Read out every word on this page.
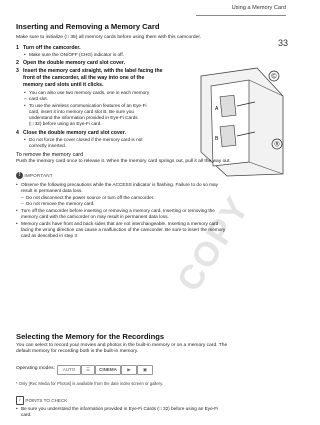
Using a Memory Card
33
COPY
Inserting and Removing a Memory Card

Make sure to initialize (□ 35) all memory cards before using them with this camcorder.

1 Turn off the camcorder.
• Make sure the ON/OFF (CHG) indicator is off.
2 Open the double memory card slot cover.
3 Insert the memory card straight, with the label facing the
front of the camcorder, all the way into one of the
memory card slots until it clicks.
• You can also use two memory cards, one in each memory
– card slot.
• To use the wireless communication features of an Eye-Fi
card, insert it into memory card slot B. Be sure you
understand the information provided in Eye-Fi Cards
(□ 32) before using an Eye-Fi card.
4 Close the double memory card slot cover.
• Do not force the cover closed if the memory card is not
correctly inserted.
©
®
A
B
To remove the memory card

Push the memory card once to release it. When the memory card springs out, pull it all the way out.

! IMPORTANT
• Observe the following precautions while the ACCESS indicator is flashing. Failure to do so may
result in permanent data loss.
– Do not disconnect the power source or turn off the camcorder.
– Do not remove the memory card.
• Turn off the camcorder before inserting or removing a memory card. Inserting or removing the
memory card with the camcorder on may result in permanent data loss.
• Memory cards have front and back sides that are not interchangeable. Inserting a memory card
facing the wrong direction can cause a malfunction of the camcorder. Be sure to insert the memory
card as described in step 3.
Selecting the Memory for the Recordings
You can select to record your movies and photos in the built-in memory or on a memory card. The
default memory for recording both is the built-in memory.
Operating modes:	AUTO	☰	CINEMA	▶	▣
* Only [Rec Media for Photos] is available from the date index screen or gallery.
✓ POINTS TO CHECK
• Be sure you understand the information provided in Eye-Fi Cards (□ 32) before using an Eye-Fi
card.
